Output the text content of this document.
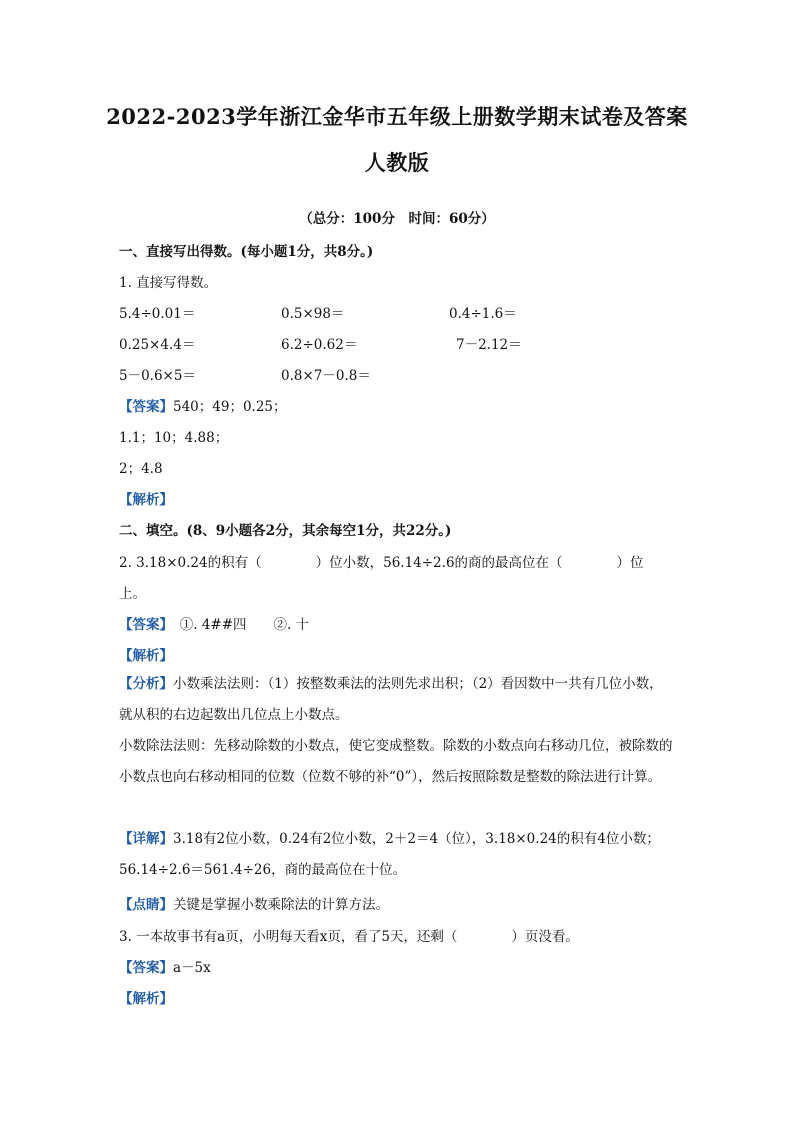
2022-2023学年浙江金华市五年级上册数学期末试卷及答案
人教版
（总分：100分　时间：60分）
一、直接写出得数。(每小题1分，共8分。)
1. 直接写得数。
5.4÷0.01＝	0.5×98＝	0.4÷1.6＝
0.25×4.4＝	6.2÷0.62＝	7－2.12＝
5－0.6×5＝	0.8×7－0.8＝
【答案】540；49；0.25；
1.1；10；4.88；
2；4.8
【解析】
二、填空。(8、9小题各2分，其余每空1分，共22分。)
2. 3.18×0.24的积有（　　　　）位小数，56.14÷2.6的商的最高位在（　　　　）位
上。
【答案】　①. 4##四　　②. 十
【解析】
【分析】小数乘法法则：（1）按整数乘法的法则先求出积；（2）看因数中一共有几位小数，就从积的右边起数出几位点上小数点。
小数除法法则：先移动除数的小数点，使它变成整数。除数的小数点向右移动几位，被除数的小数点也向右移动相同的位数（位数不够的补“0”），然后按照除数是整数的除法进行计算。
【详解】3.18有2位小数，0.24有2位小数，2＋2＝4（位），3.18×0.24的积有4位小数；56.14÷2.6＝561.4÷26，商的最高位在十位。
【点睛】关键是掌握小数乘除法的计算方法。
3. 一本故事书有a页，小明每天看x页，看了5天，还剩（　　　　）页没看。
【答案】a－5x
【解析】
